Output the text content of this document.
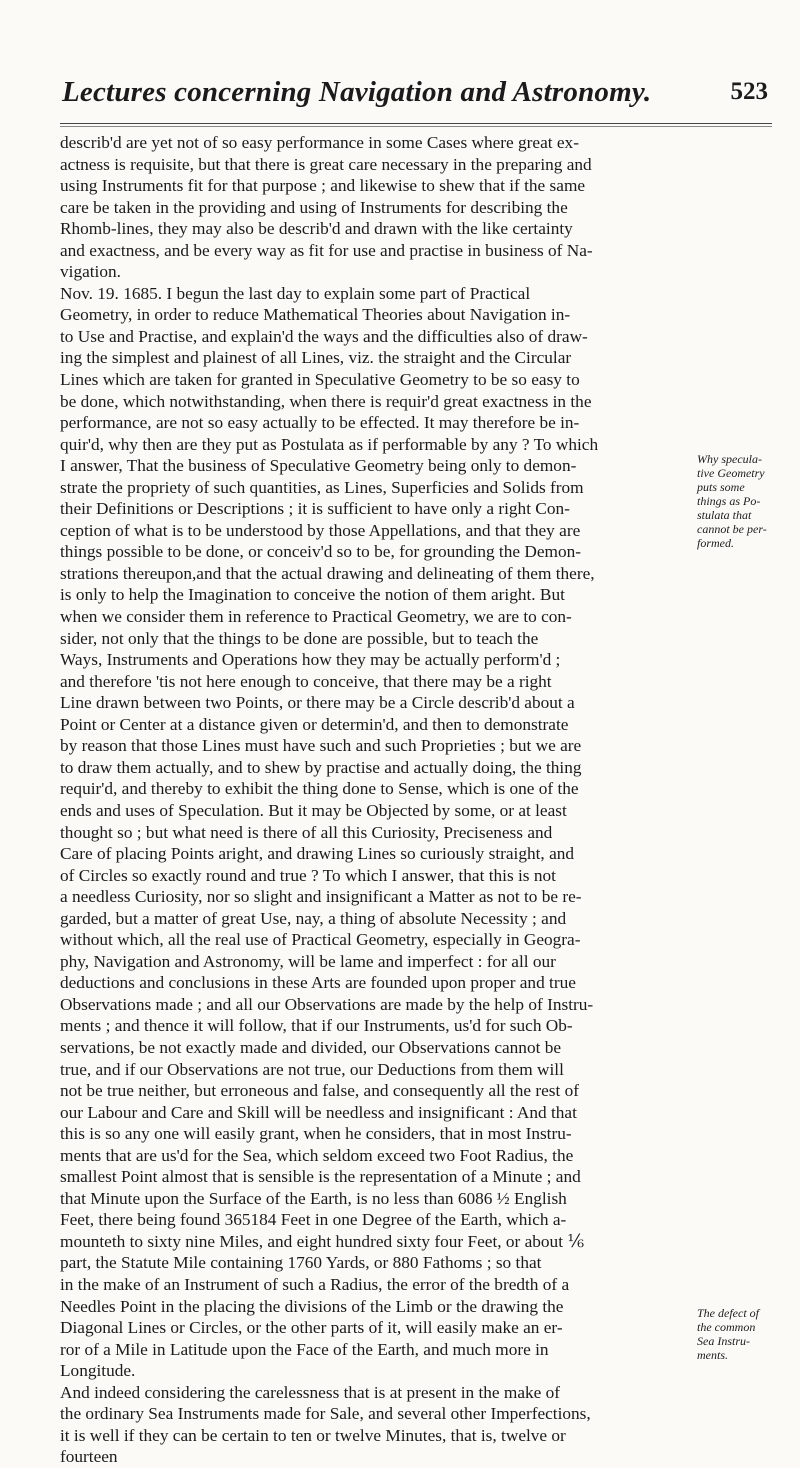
Lectures concerning Navigation and Astronomy.	523
describ'd are yet not of so easy performance in some Cases where great ex-
actness is requisite, but that there is great care necessary in the preparing and
using Instruments fit for that purpose ; and likewise to shew that if the same
care be taken in the providing and using of Instruments for describing the
Rhomb-lines, they may also be describ'd and drawn with the like certainty
and exactness, and be every way as fit for use and practise in business of Na-
vigation.
Nov. 19. 1685. I begun the last day to explain some part of Practical
Geometry, in order to reduce Mathematical Theories about Navigation in-
to Use and Practise, and explain'd the ways and the difficulties also of draw-
ing the simplest and plainest of all Lines, viz. the straight and the Circular
Lines which are taken for granted in Speculative Geometry to be so easy to
be done, which notwithstanding, when there is requir'd great exactness in the
performance, are not so easy actually to be effected. It may therefore be in-
quir'd, why then are they put as Postulata as if performable by any ? To which
I answer, That the business of Speculative Geometry being only to demon-
strate the propriety of such quantities, as Lines, Superficies and Solids from
their Definitions or Descriptions ; it is sufficient to have only a right Con-
ception of what is to be understood by those Appellations, and that they are
things possible to be done, or conceiv'd so to be, for grounding the Demon-
strations thereupon,and that the actual drawing and delineating of them there,
is only to help the Imagination to conceive the notion of them aright. But
when we consider them in reference to Practical Geometry, we are to con-
sider, not only that the things to be done are possible, but to teach the
Ways, Instruments and Operations how they may be actually perform'd ;
and therefore 'tis not here enough to conceive, that there may be a right
Line drawn between two Points, or there may be a Circle describ'd about a
Point or Center at a distance given or determin'd, and then to demonstrate
by reason that those Lines must have such and such Proprieties ; but we are
to draw them actually, and to shew by practise and actually doing, the thing
requir'd, and thereby to exhibit the thing done to Sense, which is one of the
ends and uses of Speculation. But it may be Objected by some, or at least
thought so ; but what need is there of all this Curiosity, Preciseness and
Care of placing Points aright, and drawing Lines so curiously straight, and
of Circles so exactly round and true ? To which I answer, that this is not
a needless Curiosity, nor so slight and insignificant a Matter as not to be re-
garded, but a matter of great Use, nay, a thing of absolute Necessity ; and
without which, all the real use of Practical Geometry, especially in Geogra-
phy, Navigation and Astronomy, will be lame and imperfect : for all our
deductions and conclusions in these Arts are founded upon proper and true
Observations made ; and all our Observations are made by the help of Instru-
ments ; and thence it will follow, that if our Instruments, us'd for such Ob-
servations, be not exactly made and divided, our Observations cannot be
true, and if our Observations are not true, our Deductions from them will
not be true neither, but erroneous and false, and consequently all the rest of
our Labour and Care and Skill will be needless and insignificant : And that
this is so any one will easily grant, when he considers, that in most Instru-
ments that are us'd for the Sea, which seldom exceed two Foot Radius, the
smallest Point almost that is sensible is the representation of a Minute ; and
that Minute upon the Surface of the Earth, is no less than 6086 ½ English
Feet, there being found 365184 Feet in one Degree of the Earth, which a-
mounteth to sixty nine Miles, and eight hundred sixty four Feet, or about ⅙
part, the Statute Mile containing 1760 Yards, or 880 Fathoms ; so that
in the make of an Instrument of such a Radius, the error of the bredth of a
Needles Point in the placing the divisions of the Limb or the drawing the
Diagonal Lines or Circles, or the other parts of it, will easily make an er-
ror of a Mile in Latitude upon the Face of the Earth, and much more in
Longitude.
And indeed considering the carelessness that is at present in the make of
the ordinary Sea Instruments made for Sale, and several other Imperfections,
it is well if they can be certain to ten or twelve Minutes, that is, twelve or
fourteen
Why specula-
tive Geometry
puts some
things as Po-
stulata that
cannot be per-
formed.
The defect of
the common
Sea Instru-
ments.
